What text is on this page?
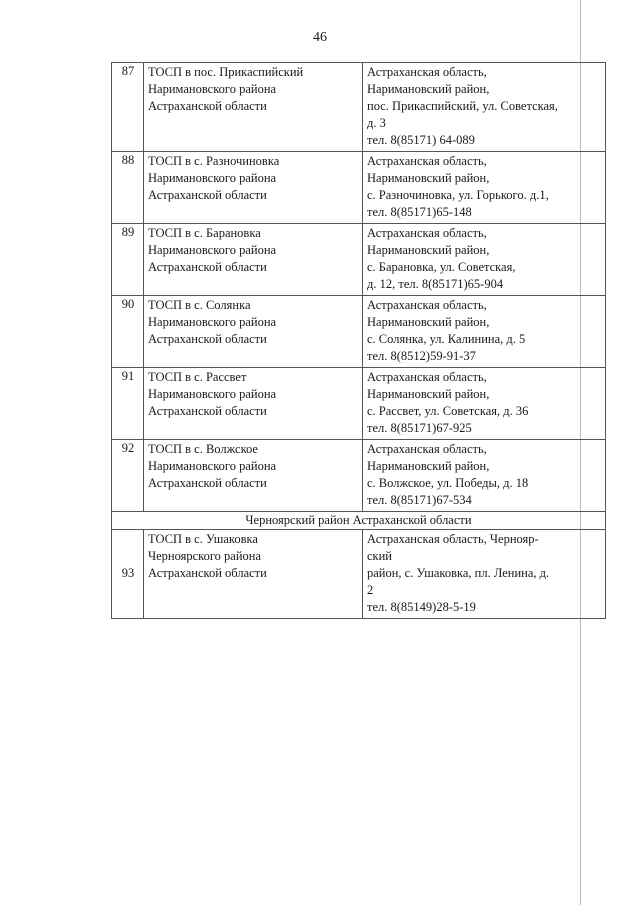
46
87	ТОСП в пос. Прикаспийский
Наримановского района
Астраханской области	Астраханская область,
Наримановский район,
пос. Прикаспийский, ул. Советская,
д. 3
тел. 8(85171) 64-089
88	ТОСП в с. Разночиновка
Наримановского района
Астраханской области	Астраханская область,
Наримановский район,
с. Разночиновка, ул. Горького. д.1,
тел. 8(85171)65-148
89	ТОСП в с. Барановка
Наримановского района
Астраханской области	Астраханская область,
Наримановский район,
с. Барановка, ул. Советская,
д. 12, тел. 8(85171)65-904
90	ТОСП в с. Солянка
Наримановского района
Астраханской области	Астраханская область,
Наримановский район,
с. Солянка, ул. Калинина, д. 5
тел. 8(8512)59-91-37
91	ТОСП в с. Рассвет
Наримановского района
Астраханской области	Астраханская область,
Наримановский район,
с. Рассвет, ул. Советская, д. 36
тел. 8(85171)67-925
92	ТОСП в с. Волжское
Наримановского района
Астраханской области	Астраханская область,
Наримановский район,
с. Волжское, ул. Победы, д. 18
тел. 8(85171)67-534
Черноярский район Астраханской области		
93	ТОСП в с. Ушаковка
Черноярского района
Астраханской области	Астраханская область, Чернояр-
ский
район, с. Ушаковка, пл. Ленина, д.
2
тел. 8(85149)28-5-19
